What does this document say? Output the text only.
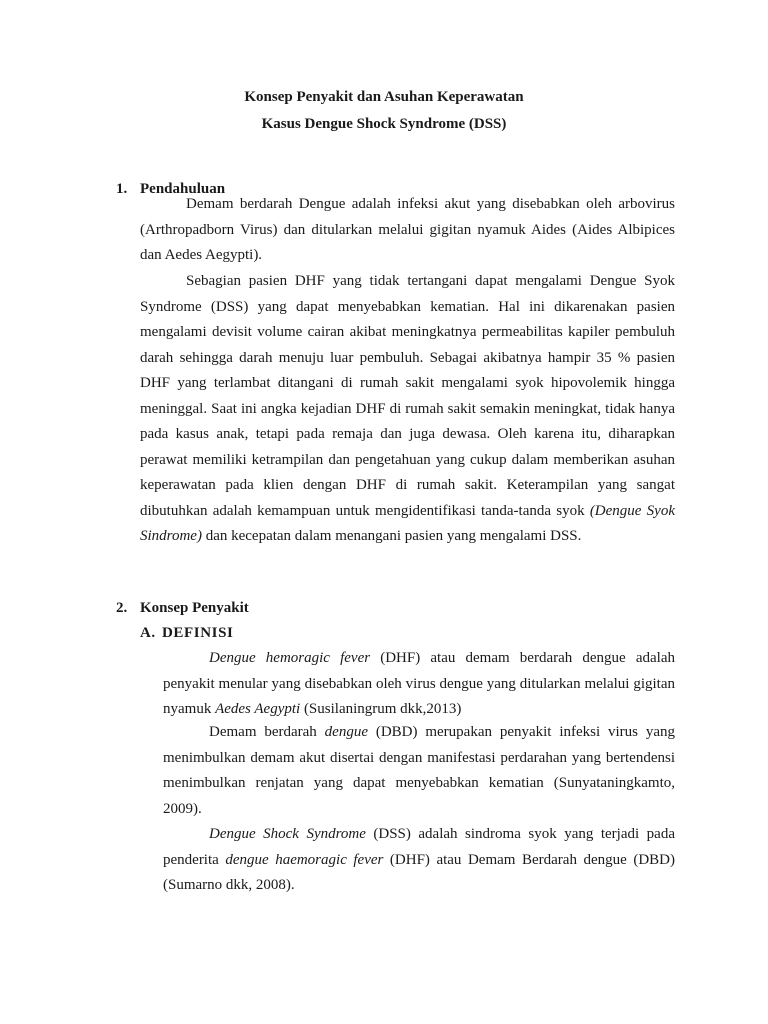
Konsep Penyakit dan Asuhan Keperawatan
Kasus Dengue Shock Syndrome (DSS)
1. Pendahuluan

Demam berdarah Dengue adalah infeksi akut yang disebabkan oleh arbovirus (Arthropadborn Virus) dan ditularkan melalui gigitan nyamuk Aides (Aides Albipices dan Aedes Aegypti).

Sebagian pasien DHF yang tidak tertangani dapat mengalami Dengue Syok Syndrome (DSS) yang dapat menyebabkan kematian. Hal ini dikarenakan pasien mengalami devisit volume cairan akibat meningkatnya permeabilitas kapiler pembuluh darah sehingga darah menuju luar pembuluh. Sebagai akibatnya hampir 35 % pasien DHF yang terlambat ditangani di rumah sakit mengalami syok hipovolemik hingga meninggal. Saat ini angka kejadian DHF di rumah sakit semakin meningkat, tidak hanya pada kasus anak, tetapi pada remaja dan juga dewasa. Oleh karena itu, diharapkan perawat memiliki ketrampilan dan pengetahuan yang cukup dalam memberikan asuhan keperawatan pada klien dengan DHF di rumah sakit. Keterampilan yang sangat dibutuhkan adalah kemampuan untuk mengidentifikasi tanda-tanda syok (Dengue Syok Sindrome) dan kecepatan dalam menangani pasien yang mengalami DSS.

2. Konsep Penyakit
A. DEFINISI

Dengue hemoragic fever (DHF) atau demam berdarah dengue adalah penyakit menular yang disebabkan oleh virus dengue yang ditularkan melalui gigitan nyamuk Aedes Aegypti (Susilaningrum dkk,2013)

Demam berdarah dengue (DBD) merupakan penyakit infeksi virus yang menimbulkan demam akut disertai dengan manifestasi perdarahan yang bertendensi menimbulkan renjatan yang dapat menyebabkan kematian (Sunyataningkamto, 2009).

Dengue Shock Syndrome (DSS) adalah sindroma syok yang terjadi pada penderita dengue haemoragic fever (DHF) atau Demam Berdarah dengue (DBD) (Sumarno dkk, 2008).
